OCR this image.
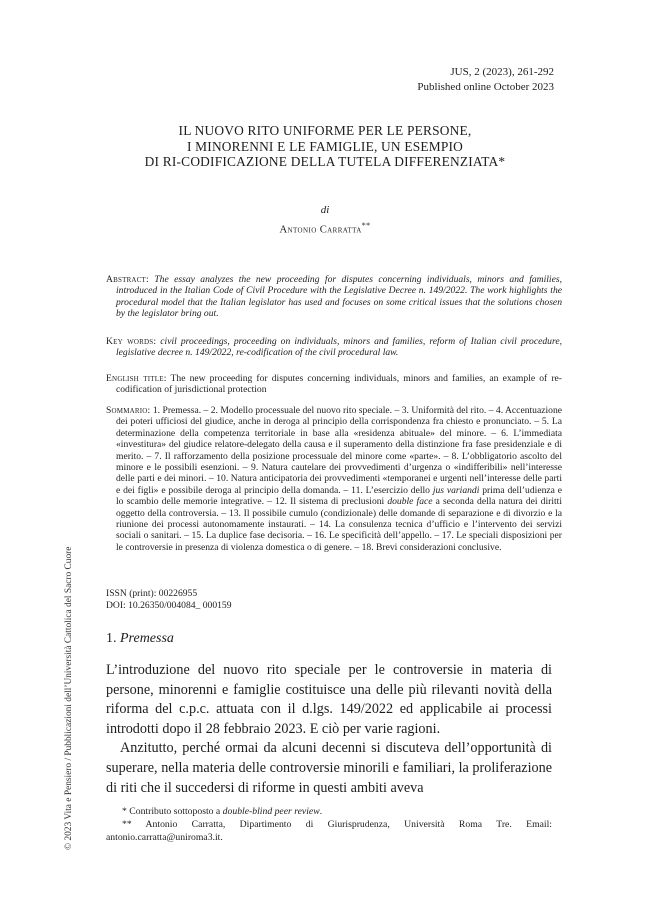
© 2023 Vita e Pensiero / Pubblicazioni dell’Università Cattolica del Sacro Cuore
JUS, 2 (2023), 261-292
Published online October 2023
IL NUOVO RITO UNIFORME PER LE PERSONE,
I MINORENNI E LE FAMIGLIE, UN ESEMPIO
DI RI-CODIFICAZIONE DELLA TUTELA DIFFERENZIATA*
di
Antonio Carratta**
Abstract: The essay analyzes the new proceeding for disputes concerning individuals, minors and families, introduced in the Italian Code of Civil Procedure with the Legislative Decree n. 149/2022. The work highlights the procedural model that the Italian legislator has used and focuses on some critical issues that the solutions chosen by the legislator bring out.
Key words: civil proceedings, proceeding on individuals, minors and families, reform of Italian civil procedure, legislative decree n. 149/2022, re-codification of the civil procedural law.
English title: The new proceeding for disputes concerning individuals, minors and families, an example of re-codification of jurisdictional protection
Sommario: 1. Premessa. – 2. Modello processuale del nuovo rito speciale. – 3. Uniformità del rito. – 4. Accentuazione dei poteri ufficiosi del giudice, anche in deroga al principio della corrispondenza fra chiesto e pronunciato. – 5. La determinazione della competenza territoriale in base alla «residenza abituale» del minore. – 6. L’immediata «investitura» del giudice relatore-delegato della causa e il superamento della distinzione fra fase presidenziale e di merito. – 7. Il rafforzamento della posizione processuale del minore come «parte». – 8. L’obbligatorio ascolto del minore e le possibili esenzioni. – 9. Natura cautelare dei provvedimenti d’urgenza o «indifferibili» nell’interesse delle parti e dei minori. – 10. Natura anticipatoria dei provvedimenti «temporanei e urgenti nell’interesse delle parti e dei figli» e possibile deroga al principio della domanda. – 11. L’esercizio dello jus variandi prima dell’udienza e lo scambio delle memorie integrative. – 12. Il sistema di preclusioni double face a seconda della natura dei diritti oggetto della controversia. – 13. Il possibile cumulo (condizionale) delle domande di separazione e di divorzio e la riunione dei processi autonomamente instaurati. – 14. La consulenza tecnica d’ufficio e l’intervento dei servizi sociali o sanitari. – 15. La duplice fase decisoria. – 16. Le specificità dell’appello. – 17. Le speciali disposizioni per le controversie in presenza di violenza domestica o di genere. – 18. Brevi considerazioni conclusive.
ISSN (print): 00226955
DOI: 10.26350/004084_ 000159
1. Premessa

L’introduzione del nuovo rito speciale per le controversie in materia di persone, minorenni e famiglie costituisce una delle più rilevanti novità della riforma del c.p.c. attuata con il d.lgs. 149/2022 ed applicabile ai processi introdotti dopo il 28 febbraio 2023. E ciò per varie ragioni.

Anzitutto, perché ormai da alcuni decenni si discuteva dell’opportunità di superare, nella materia delle controversie minorili e familiari, la proliferazione di riti che il succedersi di riforme in questi ambiti aveva

* Contributo sottoposto a double-blind peer review.

** Antonio Carratta, Dipartimento di Giurisprudenza, Università Roma Tre. Email: antonio.carratta@uniroma3.it.
